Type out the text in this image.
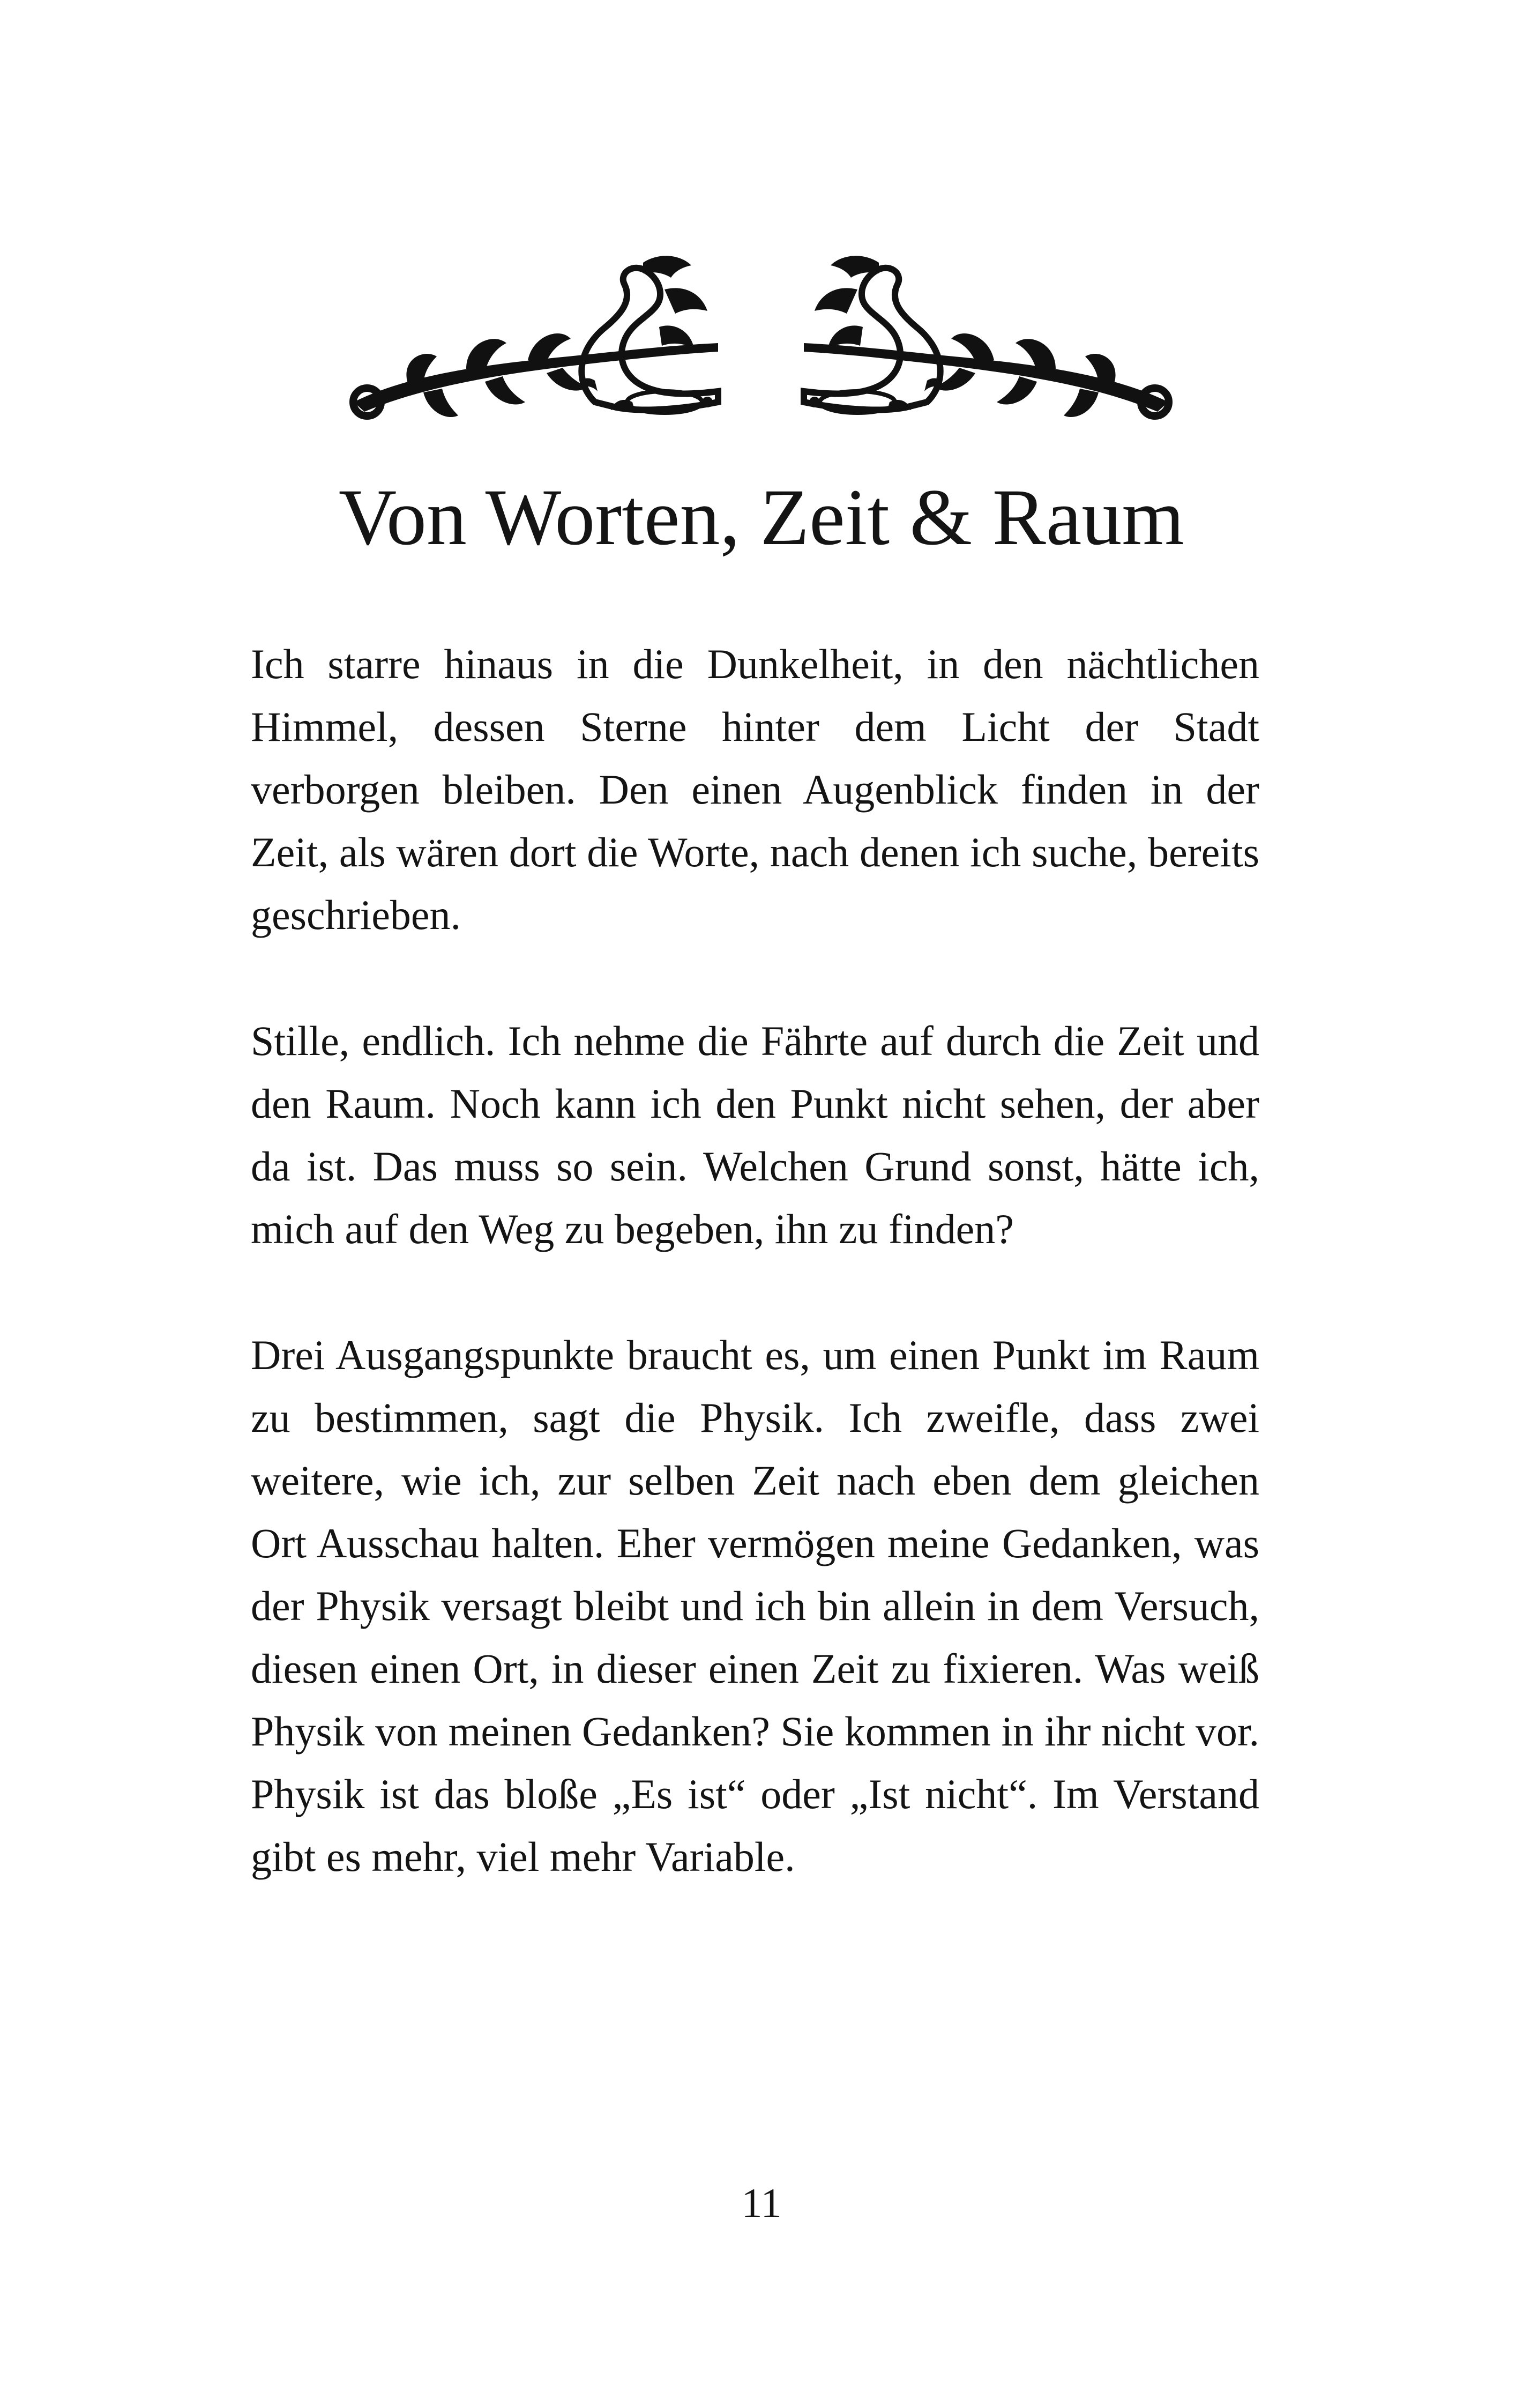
Von Worten, Zeit & Raum

Ich starre hinaus in die Dunkelheit, in den nächtlichen Himmel, dessen Sterne hinter dem Licht der Stadt verborgen bleiben. Den einen Augenblick finden in der Zeit, als wären dort die Worte, nach denen ich suche, bereits geschrieben.

Stille, endlich. Ich nehme die Fährte auf durch die Zeit und den Raum. Noch kann ich den Punkt nicht sehen, der aber da ist. Das muss so sein. Welchen Grund sonst, hätte ich, mich auf den Weg zu begeben, ihn zu finden?

Drei Ausgangspunkte braucht es, um einen Punkt im Raum zu bestimmen, sagt die Physik. Ich zweifle, dass zwei weitere, wie ich, zur selben Zeit nach eben dem gleichen Ort Ausschau halten. Eher vermögen meine Gedanken, was der Physik versagt bleibt und ich bin allein in dem Versuch, diesen einen Ort, in dieser einen Zeit zu fixieren. Was weiß Physik von meinen Gedanken? Sie kommen in ihr nicht vor. Physik ist das bloße „Es ist“ oder „Ist nicht“. Im Verstand gibt es mehr, viel mehr Variable.

11
